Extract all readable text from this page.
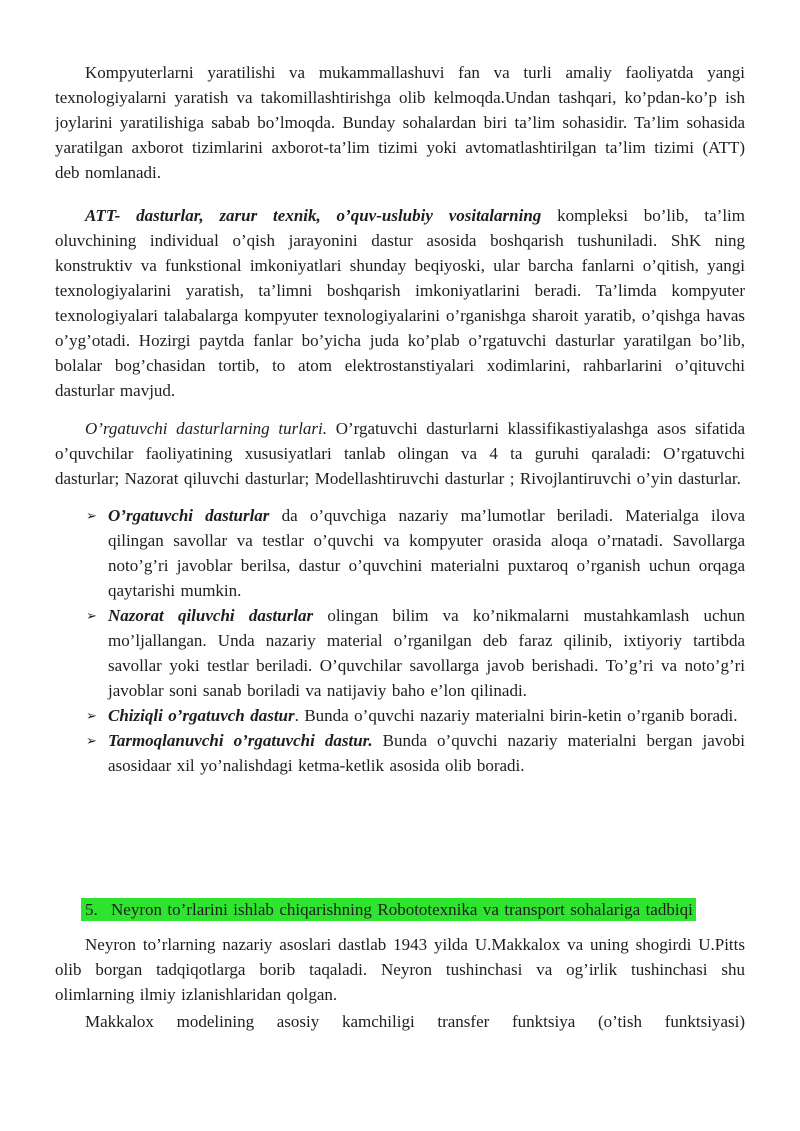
Kompyuterlarni yaratilishi va mukammallashuvi fan va turli amaliy faoliyatda yangi texnologiyalarni yaratish va takomillashtirishga olib kelmoqda.Undan tashqari, ko’pdan-ko’p ish joylarini yaratilishiga sabab bo’lmoqda. Bunday sohalardan biri ta’lim sohasidir. Ta’lim sohasida yaratilgan axborot tizimlarini axborot-ta’lim tizimi yoki avtomatlashtirilgan ta’lim tizimi (ATT) deb nomlanadi.

ATT- dasturlar, zarur texnik, o’quv-uslubiy vositalarning kompleksi bo’lib, ta’lim oluvchining individual o’qish jarayonini dastur asosida boshqarish tushuniladi. ShK ning konstruktiv va funkstional imkoniyatlari shunday beqiyoski, ular barcha fanlarni o’qitish, yangi texnologiyalarini yaratish, ta’limni boshqarish imkoniyatlarini beradi. Ta’limda kompyuter texnologiyalari talabalarga kompyuter texnologiyalarini o’rganishga sharoit yaratib, o’qishga havas o’yg’otadi. Hozirgi paytda fanlar bo’yicha juda ko’plab o’rgatuvchi dasturlar yaratilgan bo’lib, bolalar bog’chasidan tortib, to atom elektrostanstiyalari xodimlarini, rahbarlarini o’qituvchi dasturlar mavjud.

O’rgatuvchi dasturlarning turlari. O’rgatuvchi dasturlarni klassifikastiyalashga asos sifatida o’quvchilar faoliyatining xususiyatlari tanlab olingan va 4 ta guruhi qaraladi: O’rgatuvchi dasturlar; Nazorat qiluvchi dasturlar; Modellashtiruvchi dasturlar ; Rivojlantiruvchi o’yin dasturlar.

➢ O’rgatuvchi dasturlar da o’quvchiga nazariy ma’lumotlar beriladi. Materialga ilova qilingan savollar va testlar o’quvchi va kompyuter orasida aloqa o’rnatadi. Savollarga noto’g’ri javoblar berilsa, dastur o’quvchini materialni puxtaroq o’rganish uchun orqaga qaytarishi mumkin.
➢ Nazorat qiluvchi dasturlar olingan bilim va ko’nikmalarni mustahkamlash uchun mo’ljallangan. Unda nazariy material o’rganilgan deb faraz qilinib, ixtiyoriy tartibda savollar yoki testlar beriladi. O’quvchilar savollarga javob berishadi. To’g’ri va noto’g’ri javoblar soni sanab boriladi va natijaviy baho e’lon qilinadi.
➢ Chiziqli o’rgatuvch dastur. Bunda o’quvchi nazariy materialni birin-ketin o’rganib boradi.
➢ Tarmoqlanuvchi o’rgatuvchi dastur. Bunda o’quvchi nazariy materialni bergan javobi asosidaar xil yo’nalishdagi ketma-ketlik asosida olib boradi.
5. Neyron to’rlarini ishlab chiqarishning Robototexnika va transport sohalariga tadbiqi

Neyron to’rlarning nazariy asoslari dastlab 1943 yilda U.Makkalox va uning shogirdi U.Pitts olib borgan tadqiqotlarga borib taqaladi. Neyron tushinchasi va og’irlik tushinchasi shu olimlarning ilmiy izlanishlaridan qolgan.

Makkalox modelining asosiy kamchiligi transfer funktsiya (o’tish funktsiyasi)
